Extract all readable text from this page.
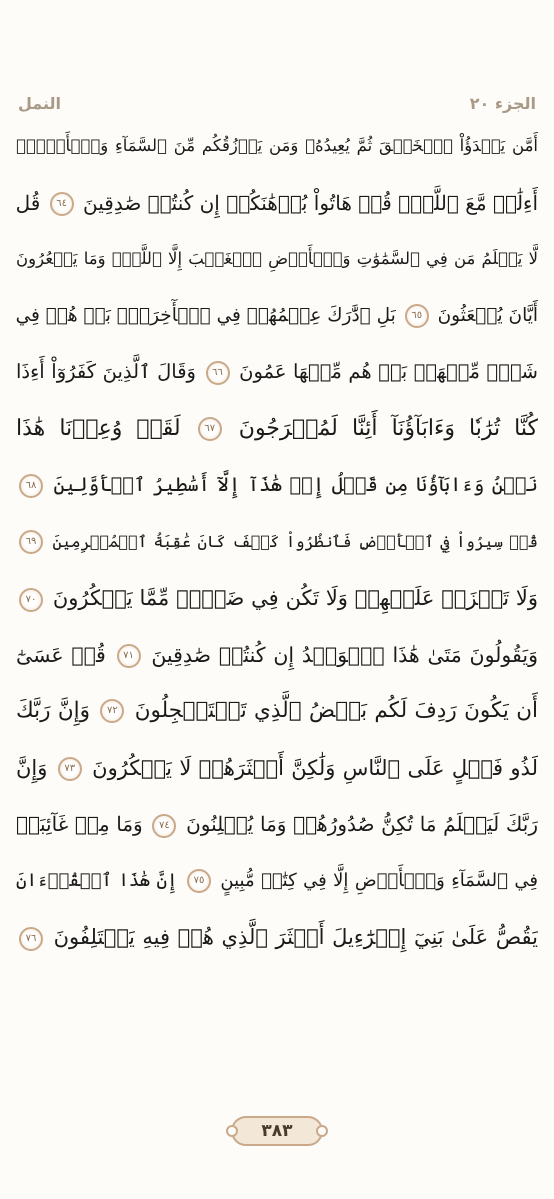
الجزء ٢٠
النمل
أَمَّن يَبۡدَؤُاْ ٱلۡخَلۡقَ ثُمَّ يُعِيدُهُۥ وَمَن يَرۡزُقُكُم مِّنَ ٱلسَّمَآءِ وَٱلۡأَرۡضِۗ
أَءِلَٰهٞ مَّعَ ٱللَّهِۚ قُلۡ هَاتُواْ بُرۡهَٰنَكُمۡ إِن كُنتُمۡ صَٰدِقِينَ ٦٤ قُل
لَّا يَعۡلَمُ مَن فِي ٱلسَّمَٰوَٰتِ وَٱلۡأَرۡضِ ٱلۡغَيۡبَ إِلَّا ٱللَّهُۚ وَمَا يَشۡعُرُونَ
أَيَّانَ يُبۡعَثُونَ ٦٥ بَلِ ٱدَّٰرَكَ عِلۡمُهُمۡ فِي ٱلۡأٓخِرَةِۚ بَلۡ هُمۡ فِي
شَكّٖ مِّنۡهَاۖ بَلۡ هُم مِّنۡهَا عَمُونَ ٦٦ وَقَالَ ٱلَّذِينَ كَفَرُوٓاْ أَءِذَا
كُنَّا تُرَٰبٗا وَءَابَآؤُنَآ أَئِنَّا لَمُخۡرَجُونَ ٦٧ لَقَدۡ وُعِدۡنَا هَٰذَا
نَحۡنُ وَءَابَآؤُنَا مِن قَبۡلُ إِنۡ هَٰذَآ إِلَّآ أَسَٰطِيرُ ٱلۡأَوَّلِينَ ٦٨
قُلۡ سِيرُواْ فِي ٱلۡأَرۡضِ فَٱنظُرُواْ كَيۡفَ كَانَ عَٰقِبَةُ ٱلۡمُجۡرِمِينَ ٦٩
وَلَا تَحۡزَنۡ عَلَيۡهِمۡ وَلَا تَكُن فِي ضَيۡقٖ مِّمَّا يَمۡكُرُونَ ٧٠
وَيَقُولُونَ مَتَىٰ هَٰذَا ٱلۡوَعۡدُ إِن كُنتُمۡ صَٰدِقِينَ ٧١ قُلۡ عَسَىٰٓ
أَن يَكُونَ رَدِفَ لَكُم بَعۡضُ ٱلَّذِي تَسۡتَعۡجِلُونَ ٧٢ وَإِنَّ رَبَّكَ
لَذُو فَضۡلٍ عَلَى ٱلنَّاسِ وَلَٰكِنَّ أَكۡثَرَهُمۡ لَا يَشۡكُرُونَ ٧٣ وَإِنَّ
رَبَّكَ لَيَعۡلَمُ مَا تُكِنُّ صُدُورُهُمۡ وَمَا يُعۡلِنُونَ ٧٤ وَمَا مِنۡ غَآئِبَةٖ
فِي ٱلسَّمَآءِ وَٱلۡأَرۡضِ إِلَّا فِي كِتَٰبٖ مُّبِينٍ ٧٥ إِنَّ هَٰذَا ٱلۡقُرۡءَانَ
يَقُصُّ عَلَىٰ بَنِيٓ إِسۡرَٰٓءِيلَ أَكۡثَرَ ٱلَّذِي هُمۡ فِيهِ يَخۡتَلِفُونَ ٧٦
٣٨٣
